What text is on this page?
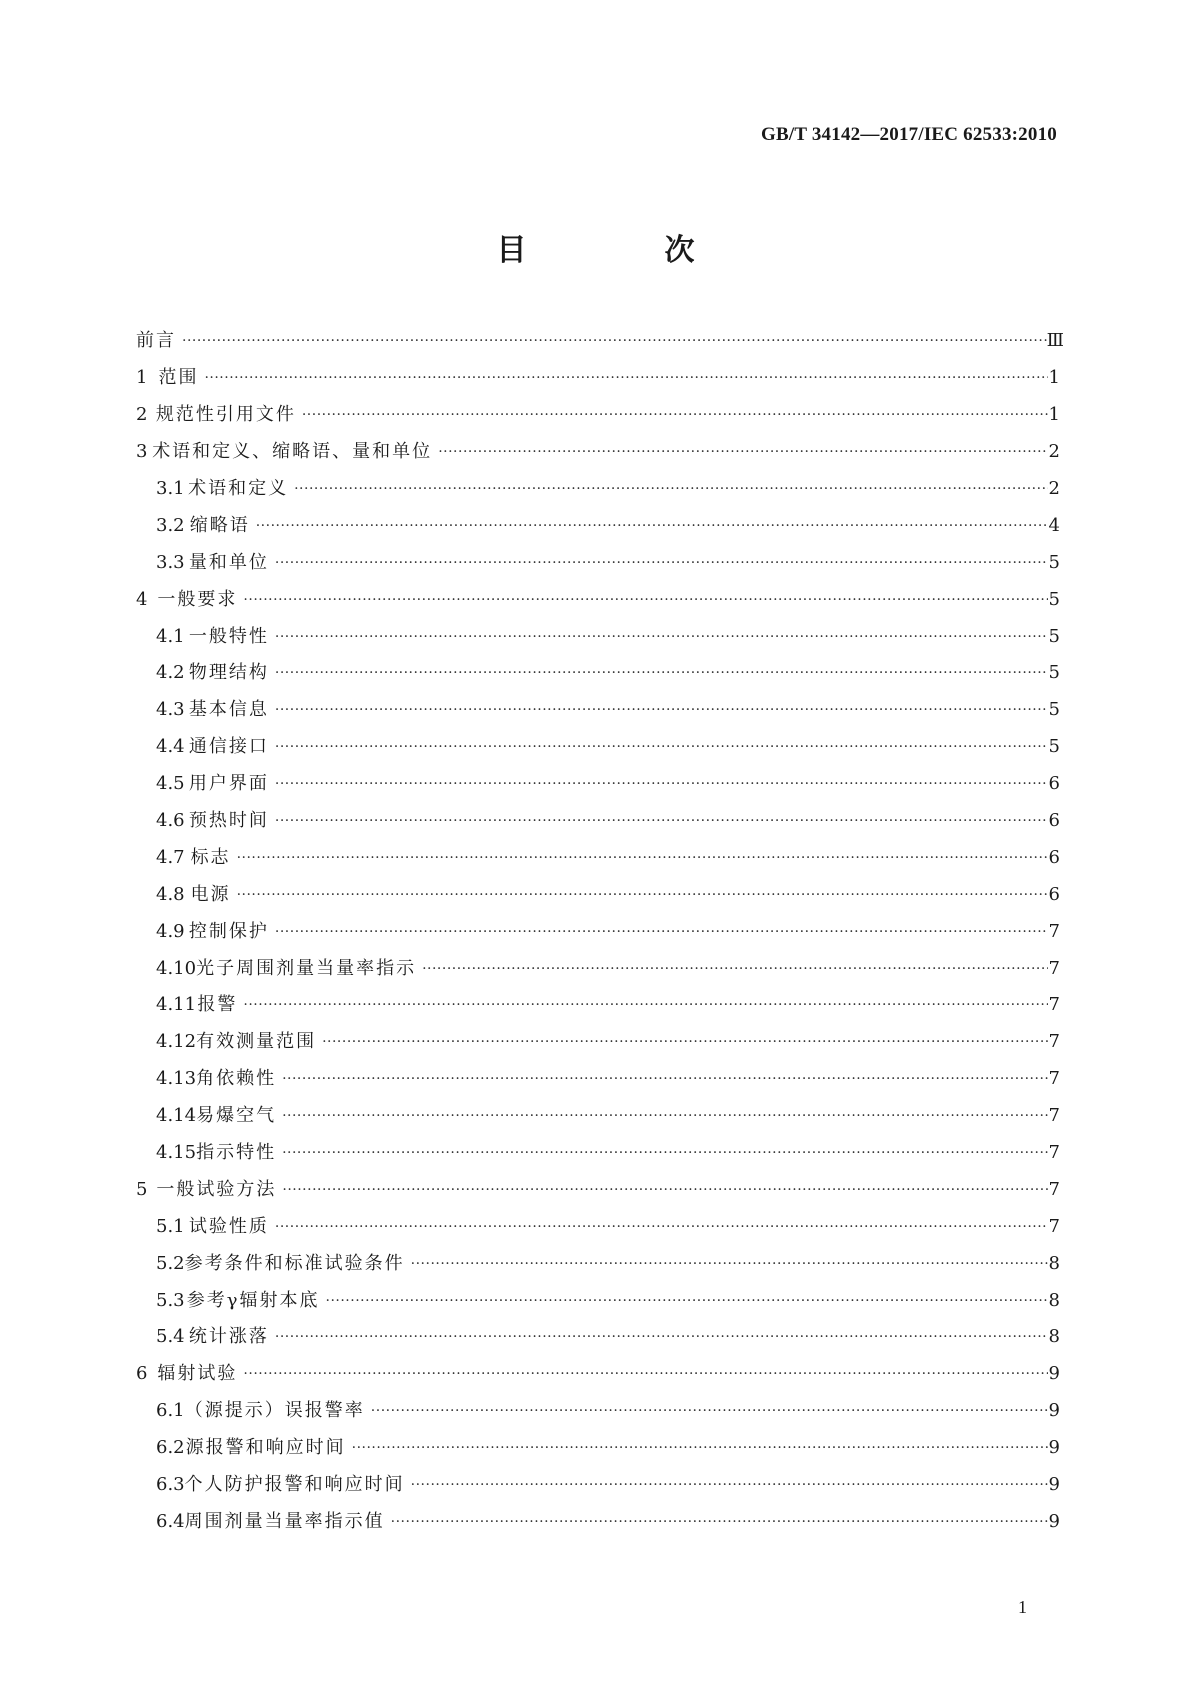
GB/T 34142—2017/IEC 62533:2010
目　次
前言 ·····	Ⅲ
1 范围 ·····	1
2 规范性引用文件 ·····	1
3 术语和定义、缩略语、量和单位 ·····	2
3.1 术语和定义 ·····	2
3.2 缩略语 ·····	4
3.3 量和单位 ·····	5
4 一般要求 ·····	5
4.1 一般特性 ·····	5
4.2 物理结构 ·····	5
4.3 基本信息 ·····	5
4.4 通信接口 ·····	5
4.5 用户界面 ·····	6
4.6 预热时间 ·····	6
4.7 标志 ·····	6
4.8 电源 ·····	6
4.9 控制保护 ·····	7
4.10 光子周围剂量当量率指示 ·····	7
4.11 报警 ·····	7
4.12 有效测量范围 ·····	7
4.13 角依赖性 ·····	7
4.14 易爆空气 ·····	7
4.15 指示特性 ·····	7
5 一般试验方法 ·····	7
5.1 试验性质 ·····	7
5.2 参考条件和标准试验条件 ·····	8
5.3 参考γ辐射本底 ·····	8
5.4 统计涨落 ·····	8
6 辐射试验 ·····	9
6.1 （源提示）误报警率 ·····	9
6.2 源报警和响应时间 ·····	9
6.3 个人防护报警和响应时间 ·····	9
6.4 周围剂量当量率指示值 ·····	9
1
